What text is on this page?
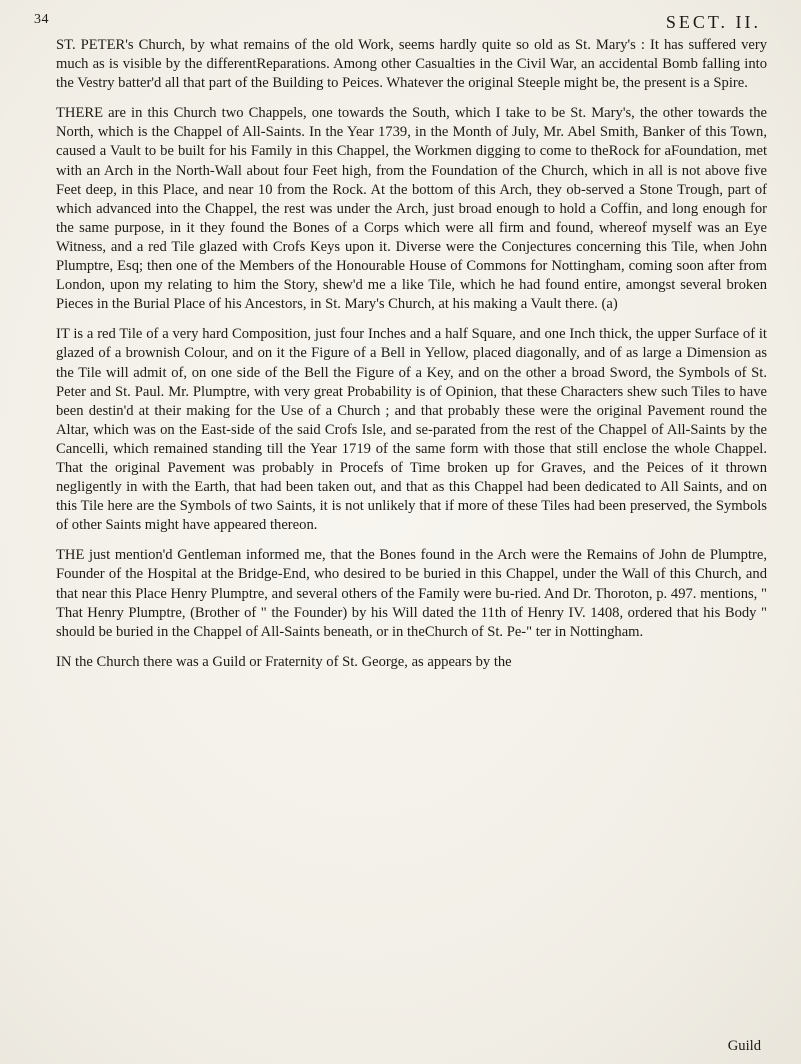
34	SECT. II.

ST. PETER's Church, by what remains of the old Work, seems hardly quite so old as St. Mary's : It has suffered very much as is visible by the differentReparations. Among other Casualties in the Civil War, an accidental Bomb falling into the Vestry batter'd all that part of the Building to Peices. Whatever the original Steeple might be, the present is a Spire.

THERE are in this Church two Chappels, one towards the South, which I take to be St. Mary's, the other towards the North, which is the Chappel of All-Saints. In the Year 1739, in the Month of July, Mr. Abel Smith, Banker of this Town, caused a Vault to be built for his Family in this Chappel, the Workmen digging to come to theRock for aFoundation, met with an Arch in the North-Wall about four Feet high, from the Foundation of the Church, which in all is not above five Feet deep, in this Place, and near 10 from the Rock. At the bottom of this Arch, they ob-served a Stone Trough, part of which advanced into the Chappel, the rest was under the Arch, just broad enough to hold a Coffin, and long enough for the same purpose, in it they found the Bones of a Corps which were all firm and found, whereof myself was an Eye Witness, and a red Tile glazed with Crofs Keys upon it. Diverse were the Conjectures concerning this Tile, when John Plumptre, Esq; then one of the Members of the Honourable House of Commons for Nottingham, coming soon after from London, upon my relating to him the Story, shew'd me a like Tile, which he had found entire, amongst several broken Pieces in the Burial Place of his Ancestors, in St. Mary's Church, at his making a Vault there. (a)

IT is a red Tile of a very hard Composition, just four Inches and a half Square, and one Inch thick, the upper Surface of it glazed of a brownish Colour, and on it the Figure of a Bell in Yellow, placed diagonally, and of as large a Dimension as the Tile will admit of, on one side of the Bell the Figure of a Key, and on the other a broad Sword, the Symbols of St. Peter and St. Paul. Mr. Plumptre, with very great Probability is of Opinion, that these Characters shew such Tiles to have been destin'd at their making for the Use of a Church ; and that probably these were the original Pavement round the Altar, which was on the East-side of the said Crofs Isle, and se-parated from the rest of the Chappel of All-Saints by the Cancelli, which remained standing till the Year 1719 of the same form with those that still enclose the whole Chappel. That the original Pavement was probably in Procefs of Time broken up for Graves, and the Peices of it thrown negligently in with the Earth, that had been taken out, and that as this Chappel had been dedicated to All Saints, and on this Tile here are the Symbols of two Saints, it is not unlikely that if more of these Tiles had been preserved, the Symbols of other Saints might have appeared thereon.

THE just mention'd Gentleman informed me, that the Bones found in the Arch were the Remains of John de Plumptre, Founder of the Hospital at the Bridge-End, who desired to be buried in this Chappel, under the Wall of this Church, and that near this Place Henry Plumptre, and several others of the Family were bu-ried. And Dr. Thoroton, p. 497. mentions, " That Henry Plumptre, (Brother of " the Founder) by his Will dated the 11th of Henry IV. 1408, ordered that his Body " should be buried in the Chappel of All-Saints beneath, or in theChurch of St. Pe-" ter in Nottingham.

IN the Church there was a Guild or Fraternity of St. George, as appears by the

Guild
